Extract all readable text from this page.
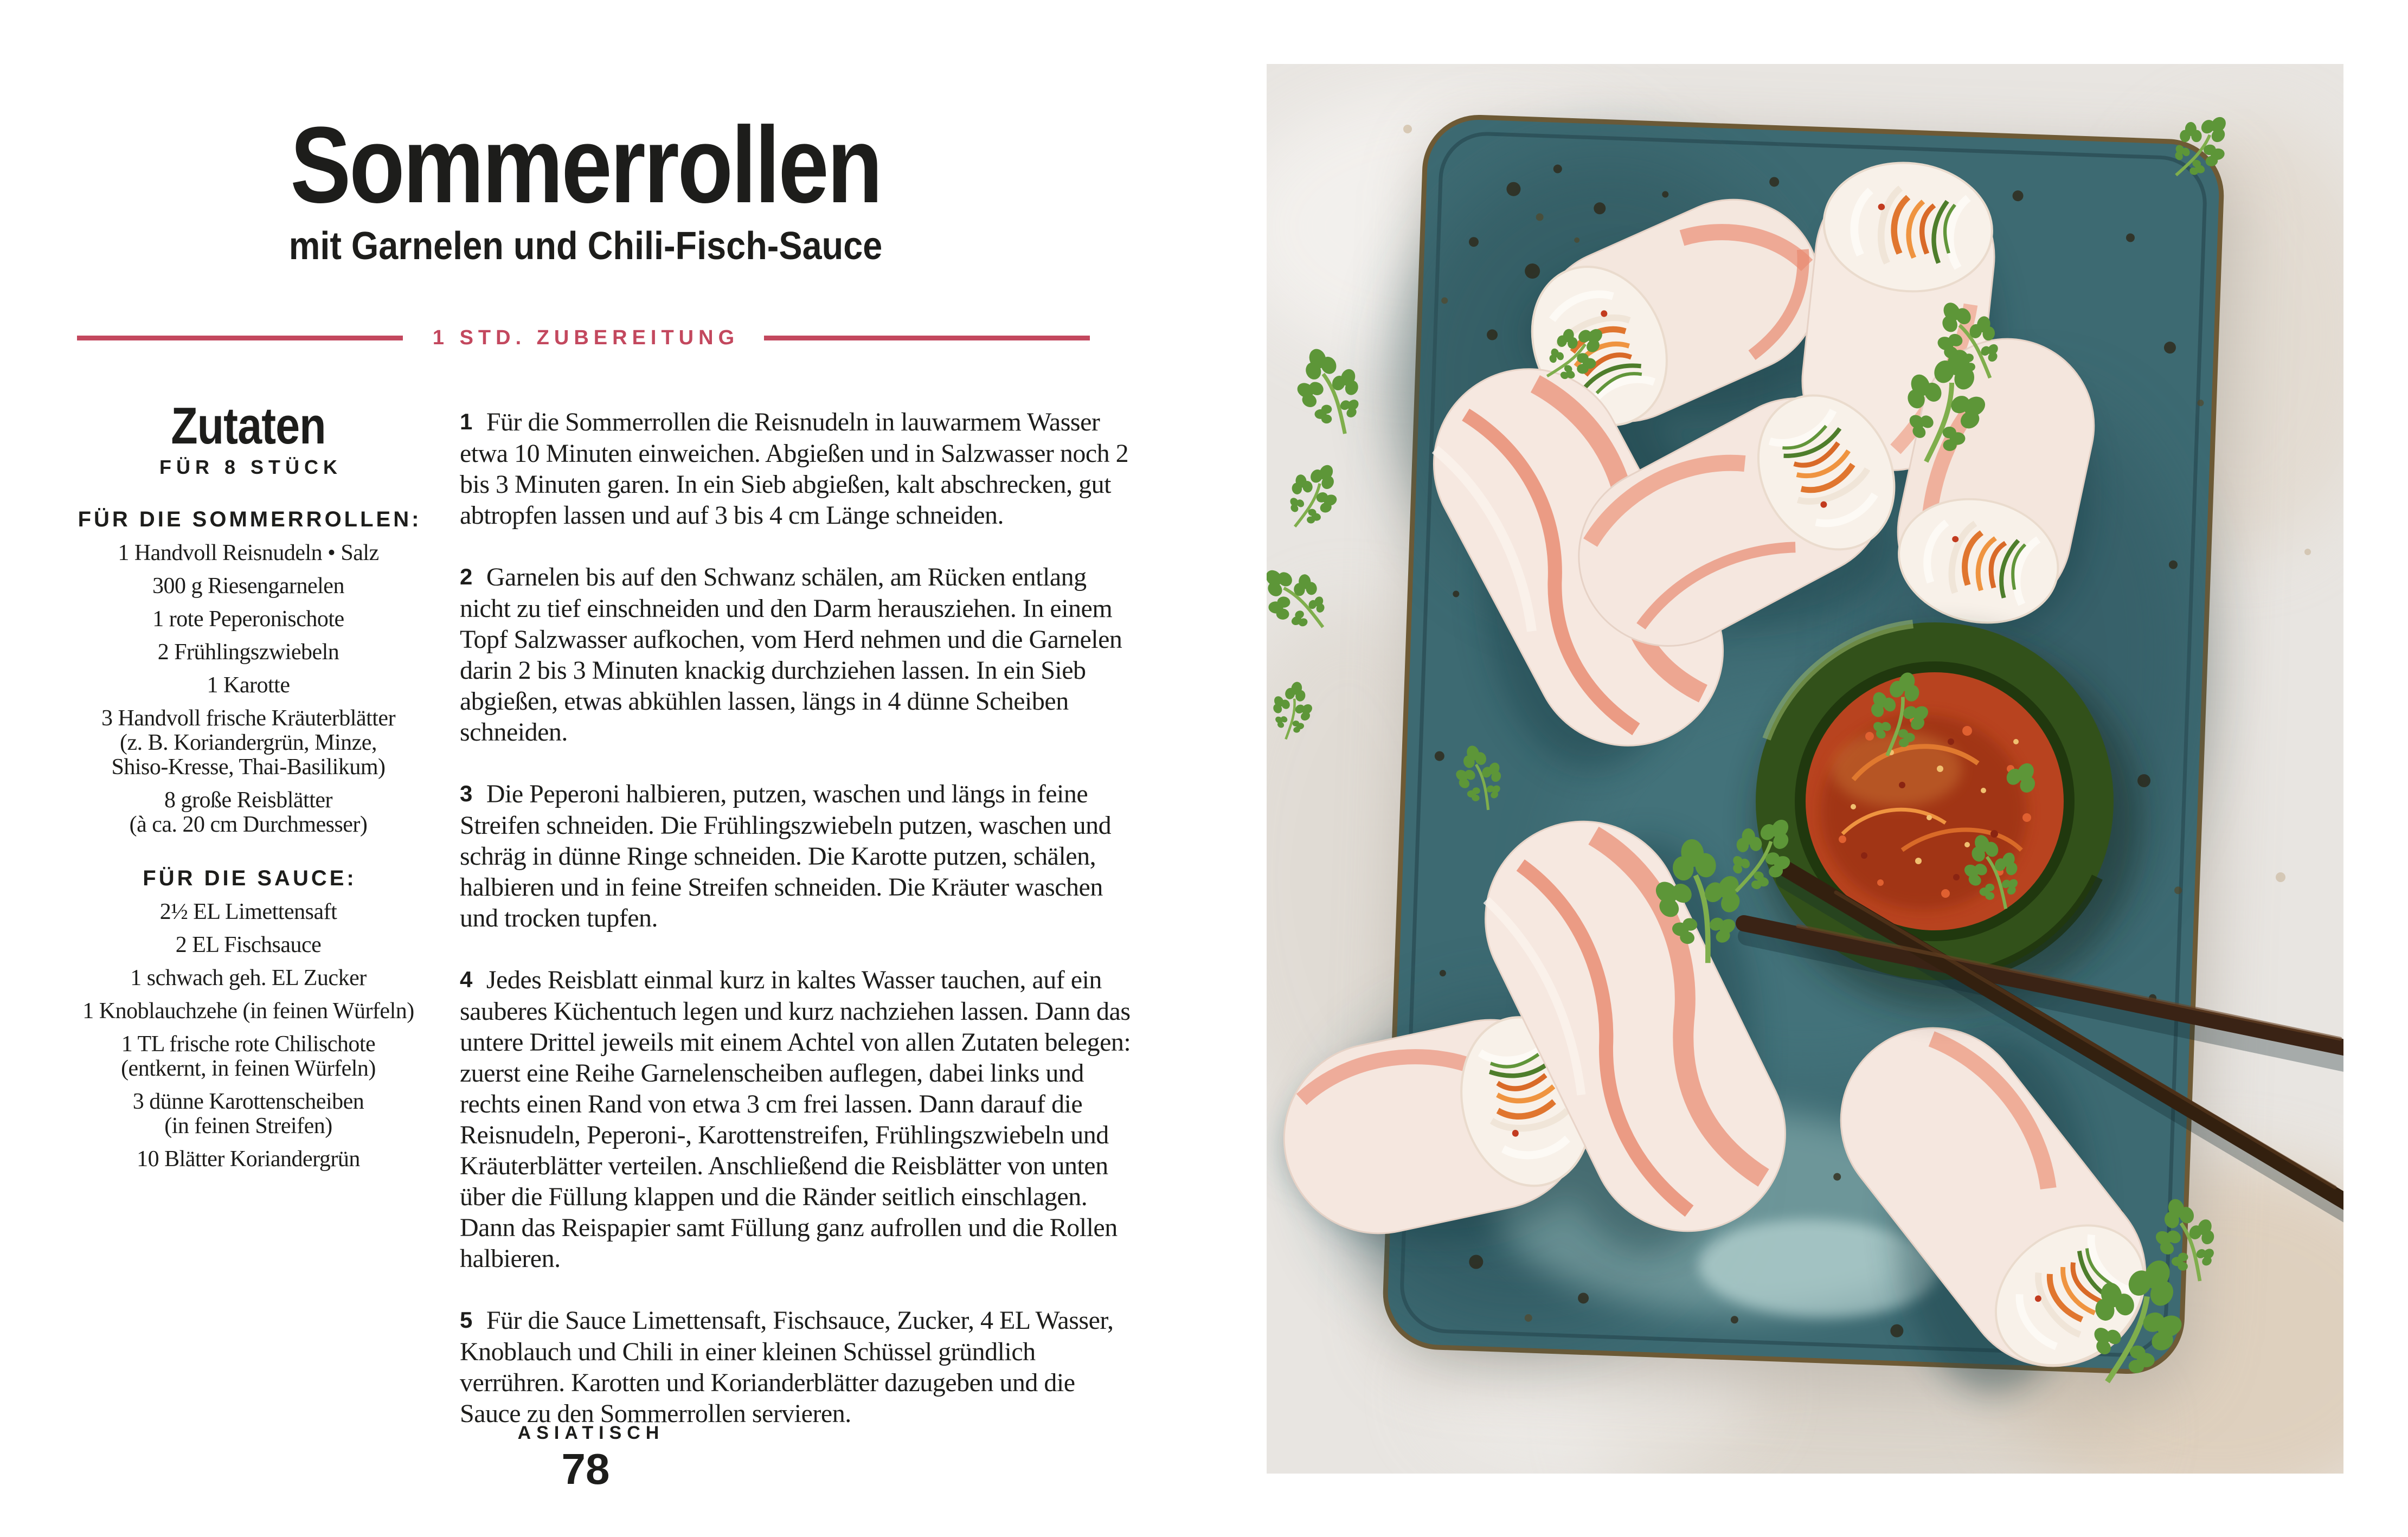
Sommerrollen
mit Garnelen und Chili-Fisch-Sauce
1 STD. ZUBEREITUNG
Zutaten
FÜR 8 STÜCK
FÜR DIE SOMMERROLLEN:
1 Handvoll Reisnudeln • Salz
300 g Riesengarnelen
1 rote Peperonischote
2 Frühlingszwiebeln
1 Karotte
3 Handvoll frische Kräuterblätter
(z. B. Koriandergrün, Minze,
Shiso-Kresse, Thai-Basilikum)
8 große Reisblätter
(à ca. 20 cm Durchmesser)
FÜR DIE SAUCE:
2½ EL Limettensaft
2 EL Fischsauce
1 schwach geh. EL Zucker
1 Knoblauchzehe (in feinen Würfeln)
1 TL frische rote Chilischote
(entkernt, in feinen Würfeln)
3 dünne Karottenscheiben
(in feinen Streifen)
10 Blätter Koriandergrün

1 Für die Sommerrollen die Reisnudeln in lauwarmem Wasser etwa 10 Minuten einweichen. Abgießen und in Salzwasser noch 2 bis 3 Minuten garen. In ein Sieb abgießen, kalt abschrecken, gut abtropfen lassen und auf 3 bis 4 cm Länge schneiden.

2 Garnelen bis auf den Schwanz schälen, am Rücken entlang nicht zu tief einschneiden und den Darm herausziehen. In einem Topf Salzwasser aufkochen, vom Herd nehmen und die Garnelen darin 2 bis 3 Minuten knackig durchziehen lassen. In ein Sieb abgießen, etwas abkühlen lassen, längs in 4 dünne Scheiben schneiden.

3 Die Peperoni halbieren, putzen, waschen und längs in feine Streifen schneiden. Die Frühlingszwiebeln putzen, waschen und schräg in dünne Ringe schneiden. Die Karotte putzen, schälen, halbieren und in feine Streifen schneiden. Die Kräuter waschen und trocken tupfen.

4 Jedes Reisblatt einmal kurz in kaltes Wasser tauchen, auf ein sauberes Küchentuch legen und kurz nachziehen lassen. Dann das untere Drittel jeweils mit einem Achtel von allen Zutaten belegen: zuerst eine Reihe Garnelenscheiben auflegen, dabei links und rechts einen Rand von etwa 3 cm frei lassen. Dann darauf die Reisnudeln, Peperoni-, Karottenstreifen, Frühlingszwiebeln und Kräuterblätter verteilen. Anschließend die Reisblätter von unten über die Füllung klappen und die Ränder seitlich einschlagen. Dann das Reispapier samt Füllung ganz aufrollen und die Rollen halbieren.

5 Für die Sauce Limettensaft, Fischsauce, Zucker, 4 EL Wasser, Knoblauch und Chili in einer kleinen Schüssel gründlich verrühren. Karotten und Korianderblätter dazugeben und die Sauce zu den Sommerrollen servieren.

ASIATISCH
78
